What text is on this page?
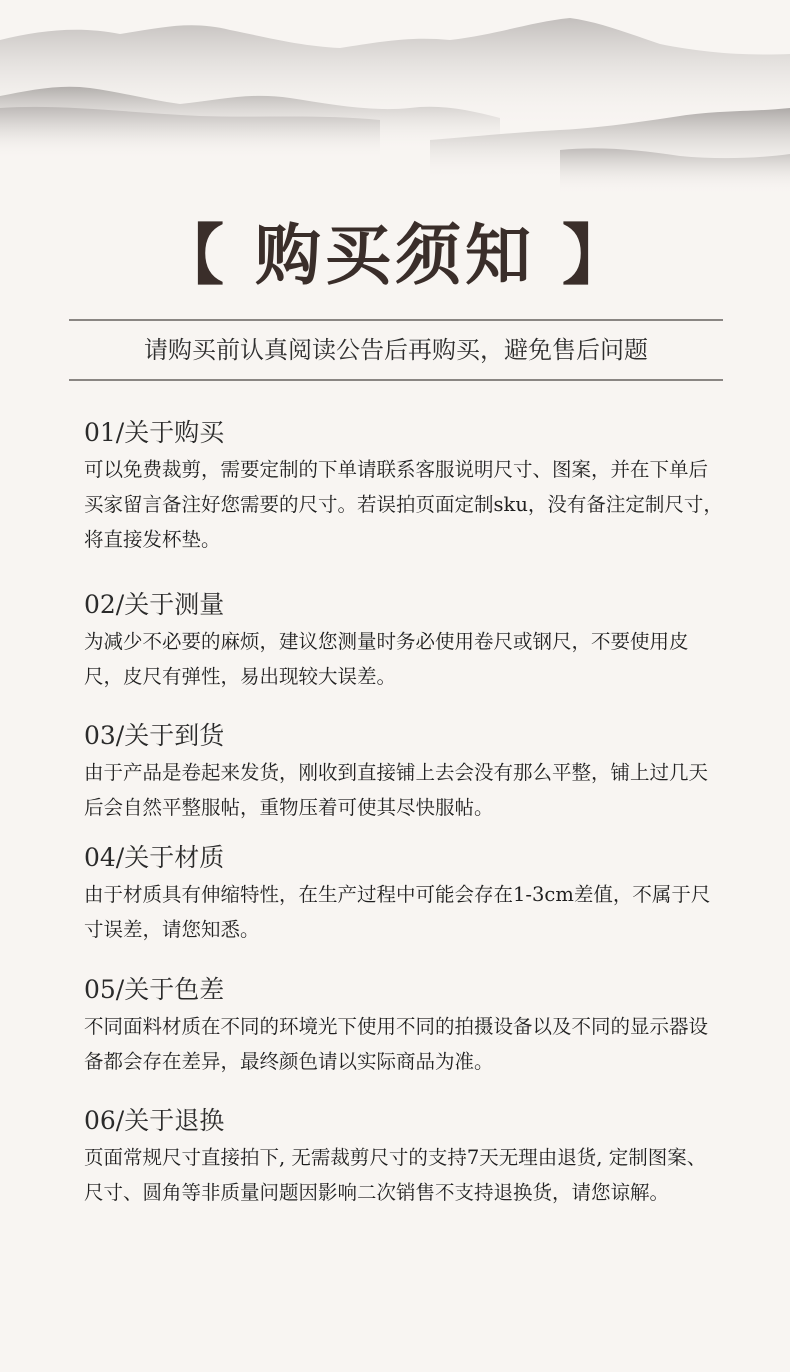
【 购买须知 】
请购买前认真阅读公告后再购买，避免售后问题

01/关于购买

可以免费裁剪，需要定制的下单请联系客服说明尺寸、图案，并在下单后买家留言备注好您需要的尺寸。若误拍页面定制sku，没有备注定制尺寸，将直接发杯垫。

02/关于测量

为减少不必要的麻烦，建议您测量时务必使用卷尺或钢尺，不要使用皮尺，皮尺有弹性，易出现较大误差。

03/关于到货

由于产品是卷起来发货，刚收到直接铺上去会没有那么平整，铺上过几天后会自然平整服帖，重物压着可使其尽快服帖。

04/关于材质

由于材质具有伸缩特性，在生产过程中可能会存在1-3cm差值，不属于尺寸误差，请您知悉。

05/关于色差

不同面料材质在不同的环境光下使用不同的拍摄设备以及不同的显示器设备都会存在差异，最终颜色请以实际商品为准。

06/关于退换

页面常规尺寸直接拍下, 无需裁剪尺寸的支持7天无理由退货, 定制图案、尺寸、圆角等非质量问题因影响二次销售不支持退换货，请您谅解。
